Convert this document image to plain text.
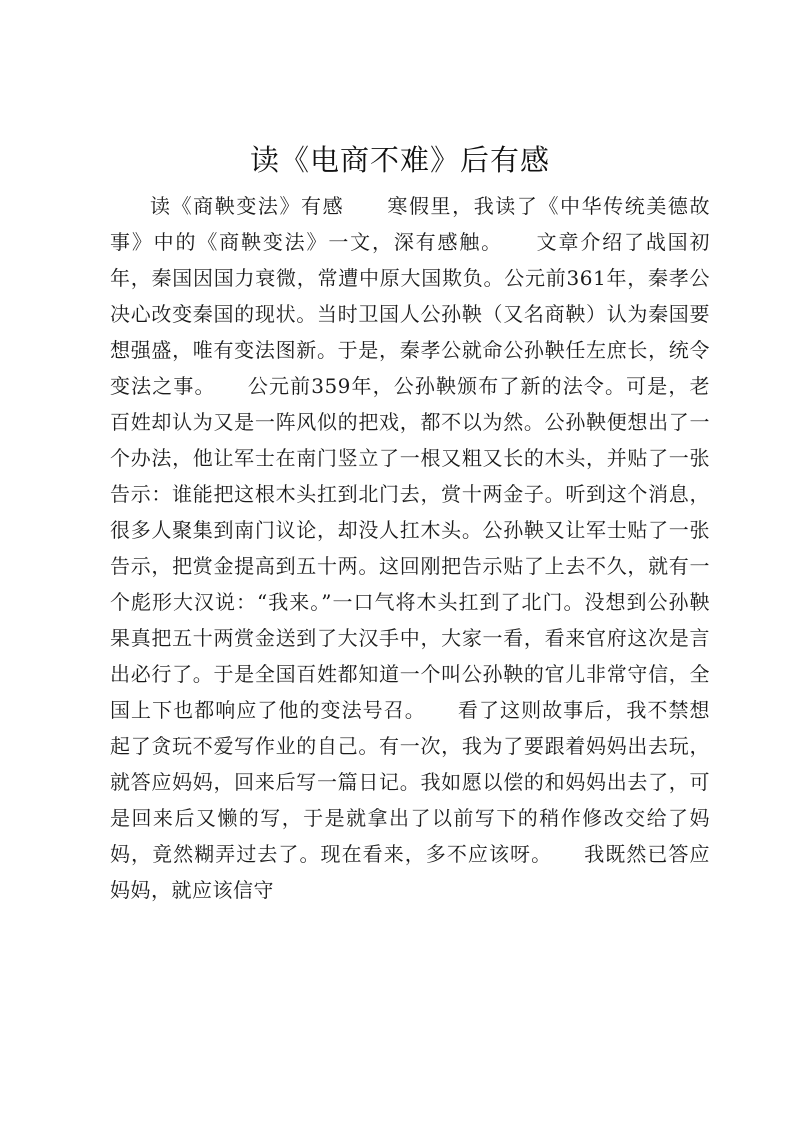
读《电商不难》后有感

读《商鞅变法》有感　　寒假里，我读了《中华传统美德故事》中的《商鞅变法》一文，深有感触。　　文章介绍了战国初年，秦国因国力衰微，常遭中原大国欺负。公元前361年，秦孝公决心改变秦国的现状。当时卫国人公孙鞅（又名商鞅）认为秦国要想强盛，唯有变法图新。于是，秦孝公就命公孙鞅任左庶长，统令变法之事。　　公元前359年，公孙鞅颁布了新的法令。可是，老百姓却认为又是一阵风似的把戏，都不以为然。公孙鞅便想出了一个办法，他让军士在南门竖立了一根又粗又长的木头，并贴了一张告示：谁能把这根木头扛到北门去，赏十两金子。听到这个消息，很多人聚集到南门议论，却没人扛木头。公孙鞅又让军士贴了一张告示，把赏金提高到五十两。这回刚把告示贴了上去不久，就有一个彪形大汉说：“我来。”一口气将木头扛到了北门。没想到公孙鞅果真把五十两赏金送到了大汉手中，大家一看，看来官府这次是言出必行了。于是全国百姓都知道一个叫公孙鞅的官儿非常守信，全国上下也都响应了他的变法号召。　　看了这则故事后，我不禁想起了贪玩不爱写作业的自己。有一次，我为了要跟着妈妈出去玩，就答应妈妈，回来后写一篇日记。我如愿以偿的和妈妈出去了，可是回来后又懒的写，于是就拿出了以前写下的稍作修改交给了妈妈，竟然糊弄过去了。现在看来，多不应该呀。　　我既然已答应妈妈，就应该信守
